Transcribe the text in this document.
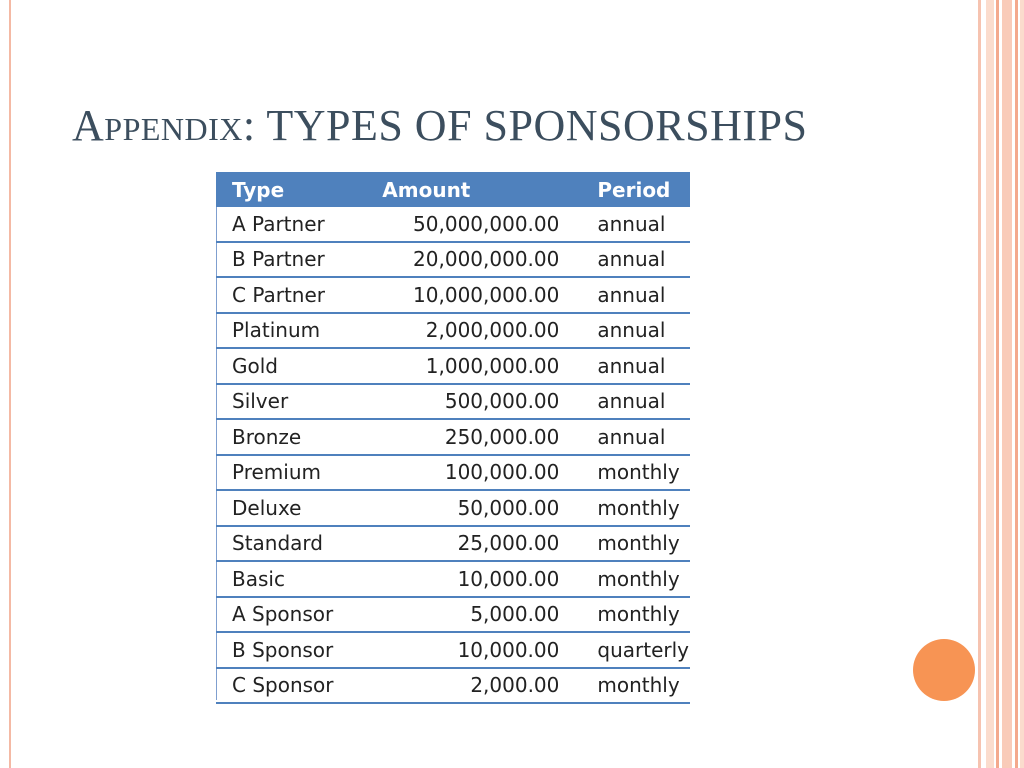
APPENDIX: TYPES OF SPONSORSHIPS
Type	Amount	Period
A Partner	50,000,000.00	annual
B Partner	20,000,000.00	annual
C Partner	10,000,000.00	annual
Platinum	2,000,000.00	annual
Gold	1,000,000.00	annual
Silver	500,000.00	annual
Bronze	250,000.00	annual
Premium	100,000.00	monthly
Deluxe	50,000.00	monthly
Standard	25,000.00	monthly
Basic	10,000.00	monthly
A Sponsor	5,000.00	monthly
B Sponsor	10,000.00	quarterly
C Sponsor	2,000.00	monthly
